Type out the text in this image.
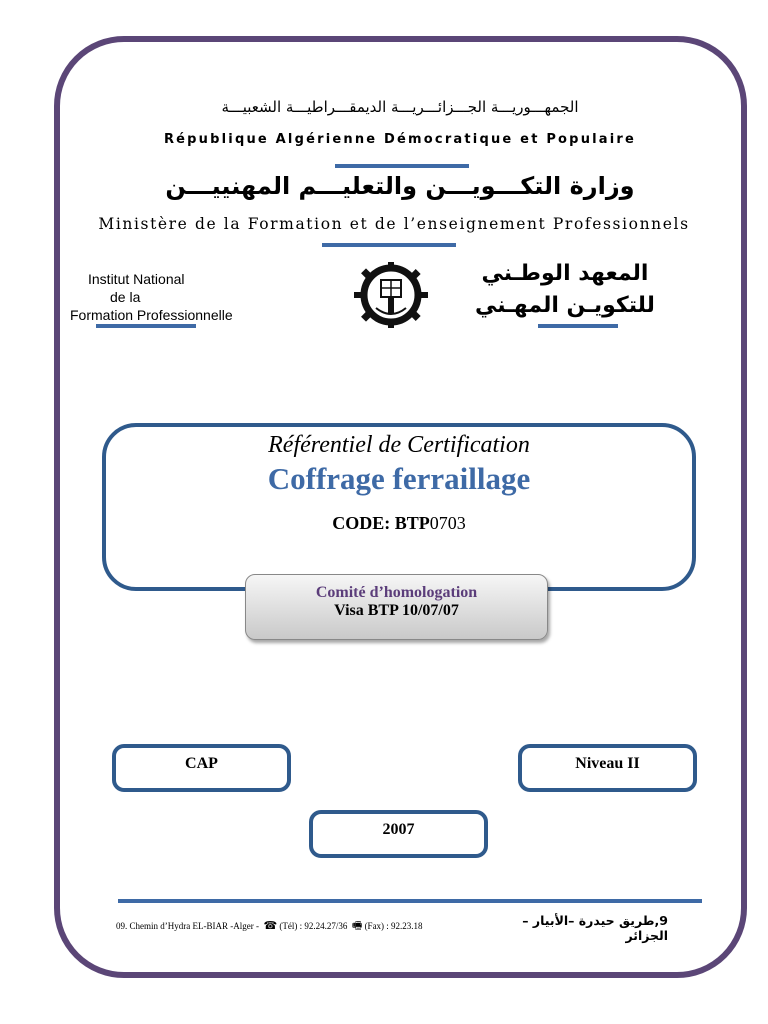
الجمهـــوريـــة الجـــزائـــريـــة الديمقـــراطيـــة الشعبيـــة
République Algérienne Démocratique et Populaire
وزارة التكـــويـــن والتعليـــم المهنييـــن
Ministère de la Formation et de l’enseignement Professionnels
Institut National
de la
Formation Professionnelle
المعهد الوطـني
للتكويـن المهـني
Référentiel de Certification
Coffrage ferraillage
CODE: BTP0703
Comité d’homologation
Visa BTP 10/07/07
CAP	Niveau II
2007
09. Chemin d’Hydra EL-BIAR -Alger - ☎ (Tél) : 92.24.27/36 🖷 (Fax) : 92.23.18	9,طريق حيدرة –الأبيار – الجزائر
